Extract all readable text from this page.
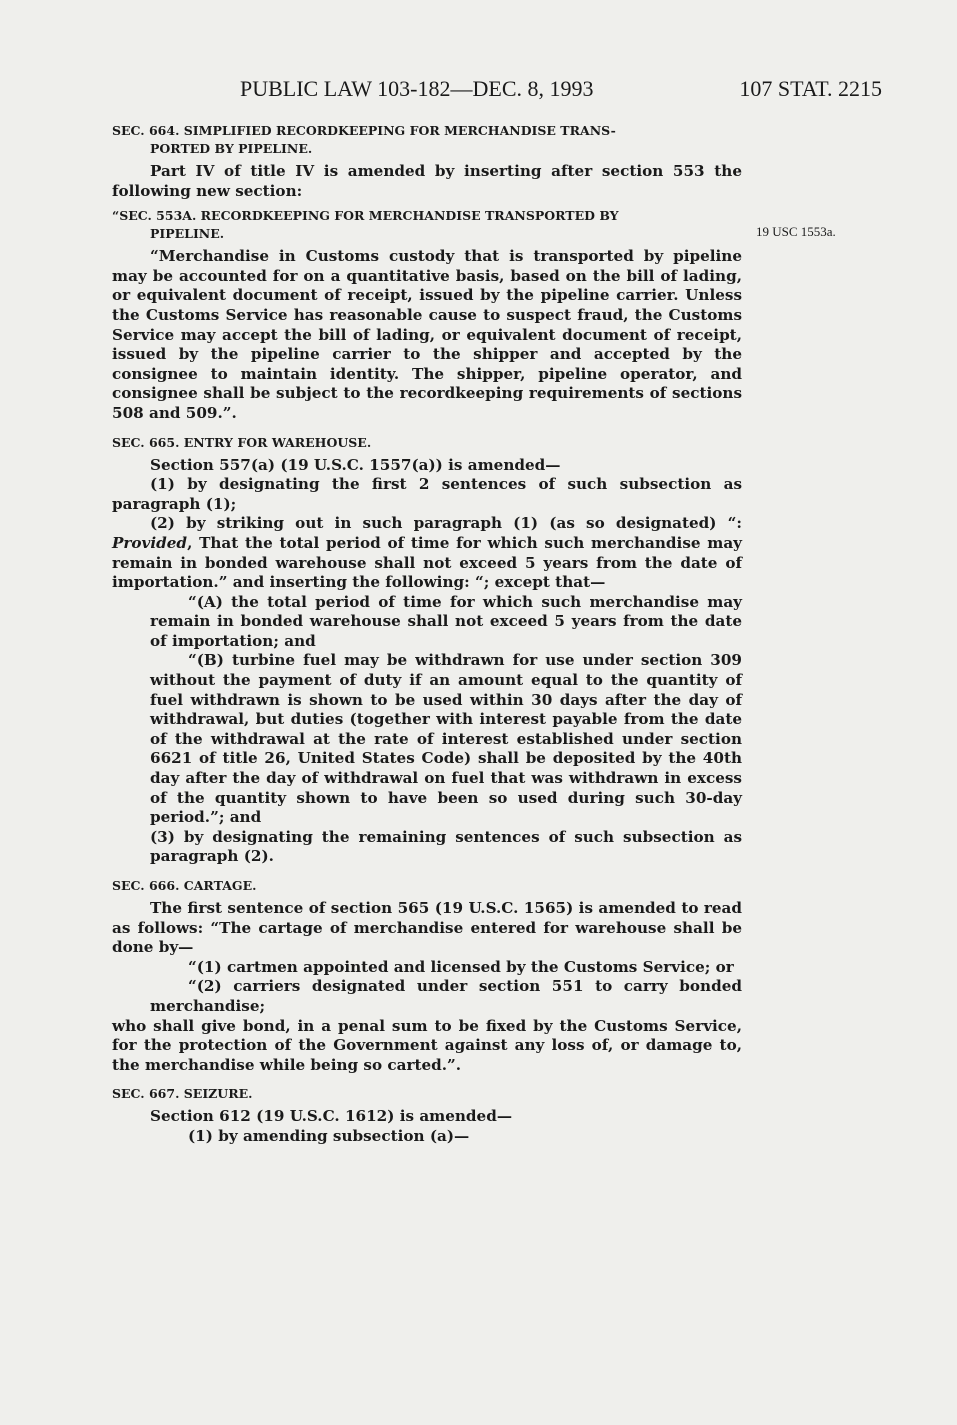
PUBLIC LAW 103-182—DEC. 8, 1993	107 STAT. 2215
19 USC 1553a.
SEC. 664. SIMPLIFIED RECORDKEEPING FOR MERCHANDISE TRANS-
PORTED BY PIPELINE.

Part IV of title IV is amended by inserting after section 553 the following new section:

“SEC. 553A. RECORDKEEPING FOR MERCHANDISE TRANSPORTED BY
PIPELINE.

“Merchandise in Customs custody that is transported by pipeline may be accounted for on a quantitative basis, based on the bill of lading, or equivalent document of receipt, issued by the pipeline carrier. Unless the Customs Service has reasonable cause to suspect fraud, the Customs Service may accept the bill of lading, or equivalent document of receipt, issued by the pipeline carrier to the shipper and accepted by the consignee to maintain identity. The shipper, pipeline operator, and consignee shall be subject to the recordkeeping requirements of sections 508 and 509.”.

SEC. 665. ENTRY FOR WAREHOUSE.

Section 557(a) (19 U.S.C. 1557(a)) is amended—

(1) by designating the first 2 sentences of such subsection as paragraph (1);

(2) by striking out in such paragraph (1) (as so designated) “: Provided, That the total period of time for which such merchandise may remain in bonded warehouse shall not exceed 5 years from the date of importation.” and inserting the following: “; except that—

“(A) the total period of time for which such merchandise may remain in bonded warehouse shall not exceed 5 years from the date of importation; and

“(B) turbine fuel may be withdrawn for use under section 309 without the payment of duty if an amount equal to the quantity of fuel withdrawn is shown to be used within 30 days after the day of withdrawal, but duties (together with interest payable from the date of the withdrawal at the rate of interest established under section 6621 of title 26, United States Code) shall be deposited by the 40th day after the day of withdrawal on fuel that was withdrawn in excess of the quantity shown to have been so used during such 30-day period.”; and

(3) by designating the remaining sentences of such subsection as paragraph (2).

SEC. 666. CARTAGE.

The first sentence of section 565 (19 U.S.C. 1565) is amended to read as follows: “The cartage of merchandise entered for warehouse shall be done by—

“(1) cartmen appointed and licensed by the Customs Service; or

“(2) carriers designated under section 551 to carry bonded merchandise;

who shall give bond, in a penal sum to be fixed by the Customs Service, for the protection of the Government against any loss of, or damage to, the merchandise while being so carted.”.

SEC. 667. SEIZURE.

Section 612 (19 U.S.C. 1612) is amended—

(1) by amending subsection (a)—
